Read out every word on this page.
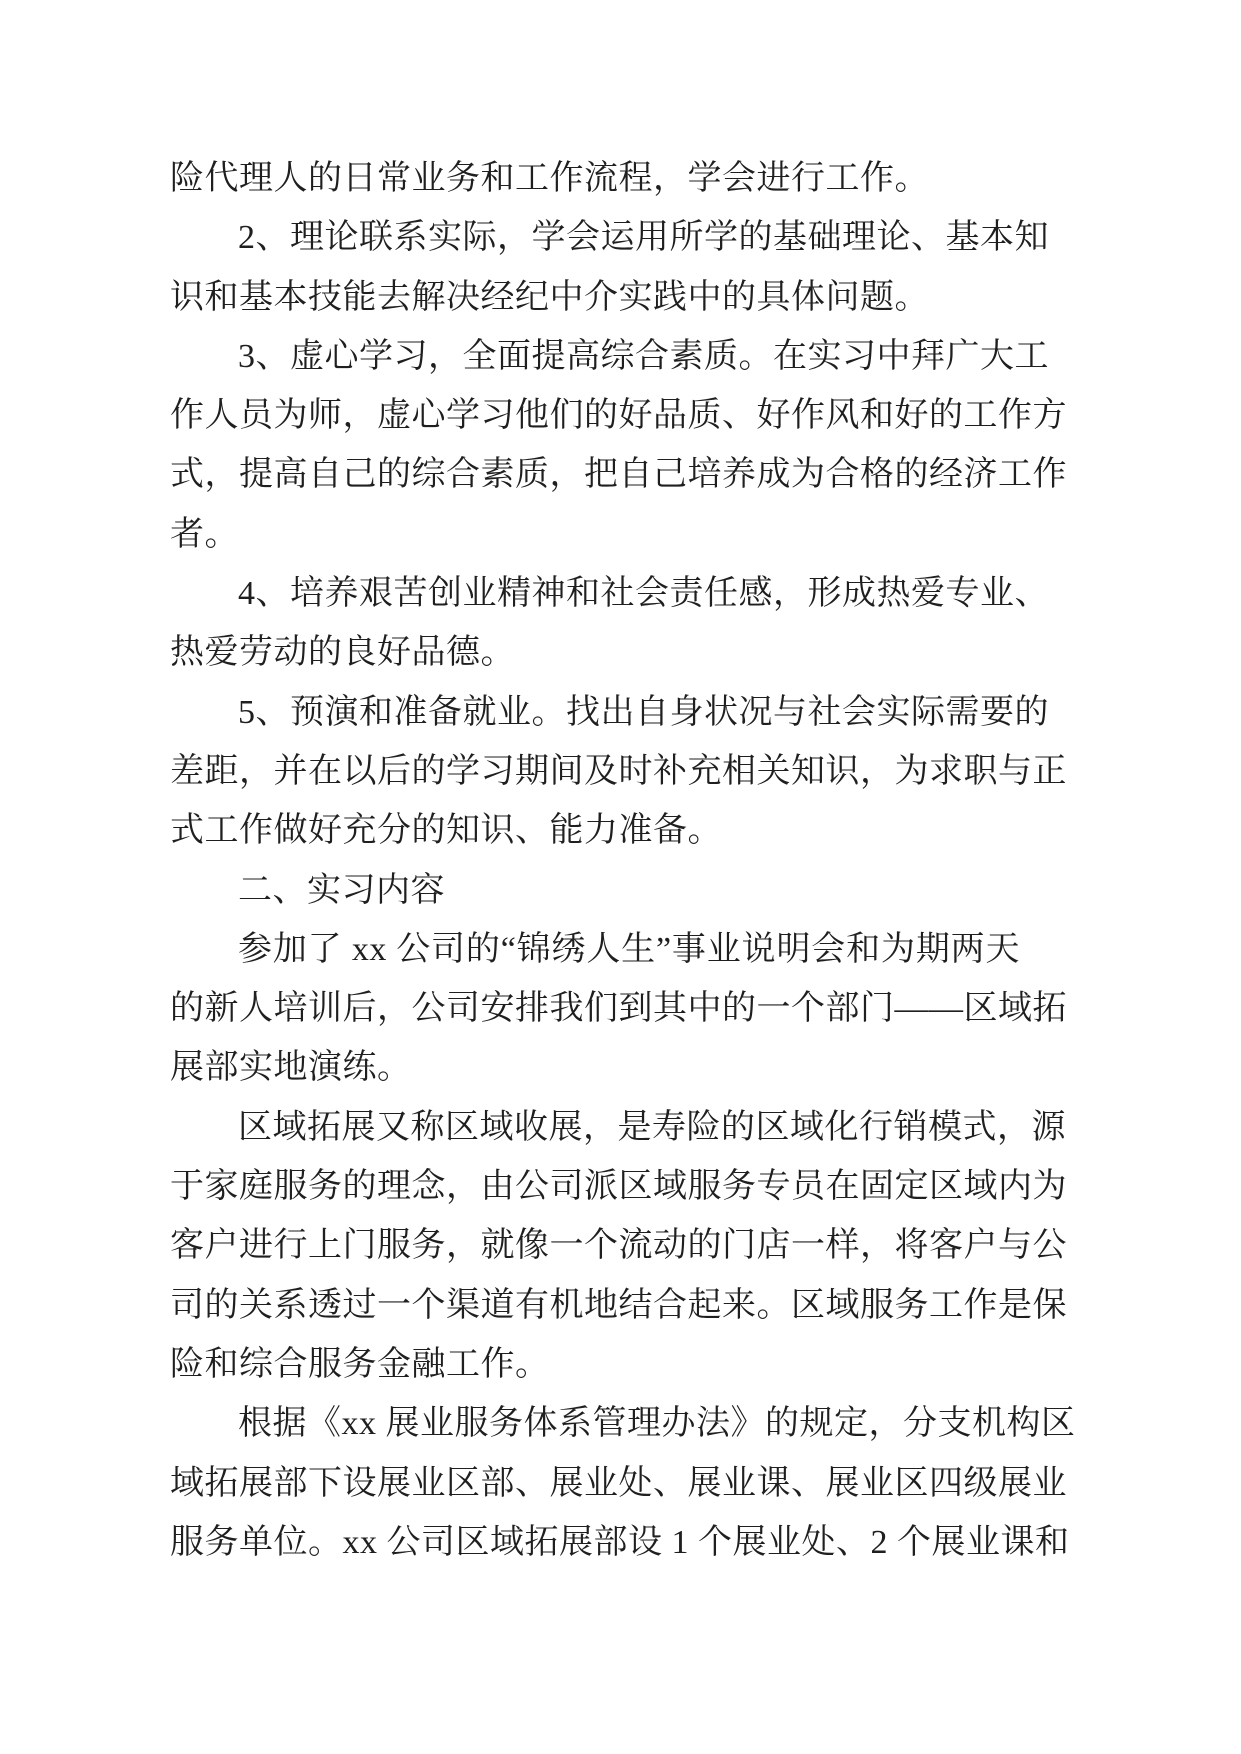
险代理人的日常业务和工作流程，学会进行工作。
2、理论联系实际，学会运用所学的基础理论、基本知
识和基本技能去解决经纪中介实践中的具体问题。
3、虚心学习，全面提高综合素质。在实习中拜广大工
作人员为师，虚心学习他们的好品质、好作风和好的工作方
式，提高自己的综合素质，把自己培养成为合格的经济工作
者。
4、培养艰苦创业精神和社会责任感，形成热爱专业、
热爱劳动的良好品德。
5、预演和准备就业。找出自身状况与社会实际需要的
差距，并在以后的学习期间及时补充相关知识，为求职与正
式工作做好充分的知识、能力准备。
二、实习内容
参加了 xx 公司的“锦绣人生”事业说明会和为期两天
的新人培训后，公司安排我们到其中的一个部门——区域拓
展部实地演练。
区域拓展又称区域收展，是寿险的区域化行销模式，源
于家庭服务的理念，由公司派区域服务专员在固定区域内为
客户进行上门服务，就像一个流动的门店一样，将客户与公
司的关系透过一个渠道有机地结合起来。区域服务工作是保
险和综合服务金融工作。
根据《xx 展业服务体系管理办法》的规定，分支机构区
域拓展部下设展业区部、展业处、展业课、展业区四级展业
服务单位。xx 公司区域拓展部设 1 个展业处、2 个展业课和
